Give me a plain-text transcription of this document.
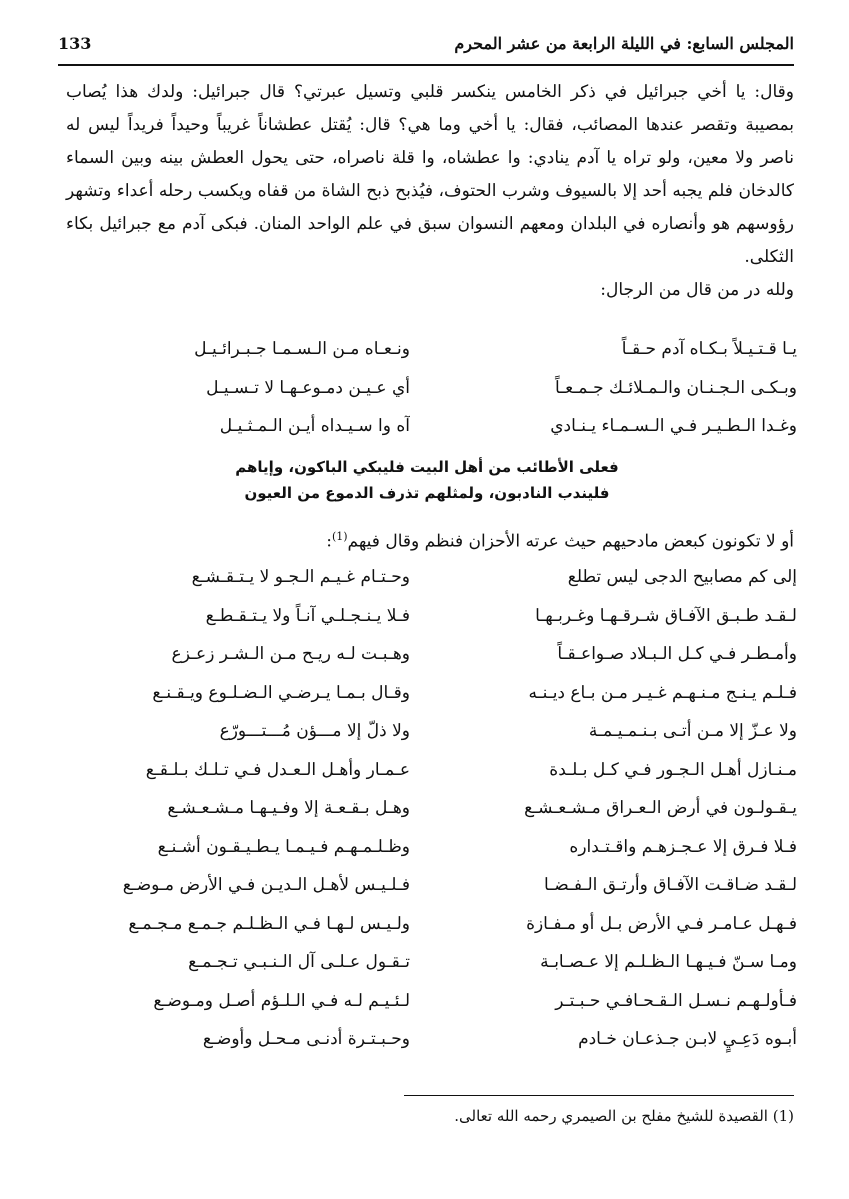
المجلس السابع: في الليلة الرابعة من عشر المحرم
133

وقال: يا أخي جبرائيل في ذكر الخامس ينكسر قلبي وتسيل عبرتي؟ قال جبرائيل: ولدك هذا يُصاب بمصيبة وتقصر عندها المصائب، فقال: يا أخي وما هي؟ قال: يُقتل عطشاناً غريباً وحيداً فريداً ليس له ناصر ولا معين، ولو تراه يا آدم ينادي: وا عطشاه، وا قلة ناصراه، حتى يحول العطش بينه وبين السماء كالدخان فلم يجبه أحد إلا بالسيوف وشرب الحتوف، فيُذبح ذبح الشاة من قفاه ويكسب رحله أعداء وتشهر رؤوسهم هو وأنصاره في البلدان ومعهم النسوان سبق في علم الواحد المنان. فبكى آدم مع جبرائيل بكاء الثكلى.

ولله در من قال من الرجال:

يـا قـتـيـلاً بـكـاه آدم حـقـاً
ونـعـاه مـن الـسـمـا جـبـرائـيـل
وبـكـى الـجـنـان والـمـلائـك جـمـعـاً
أي عـيـن دمـوعـهـا لا تـسـيـل
وغـدا الـطـيـر فـي الـسـمـاء يـنـادي
آه وا سـيـداه أيـن الـمـثـيـل
فعلى الأطائب من أهل البيت فليبكي الباكون، وإياهم
فليندب النادبون، ولمثلهم تذرف الدموع من العيون
أو لا تكونون كبعض مادحيهم حيث عرته الأحزان فنظم وقال فيهم$^{(1)}$:
إلى كم مصابيح الدجى ليس تطلع
وحـتـام غـيـم الـجـو لا يـتـقـشـع
لـقـد طـبـق الآفـاق شـرقـهـا وغـربـهـا
فـلا يـنـجـلـي آنـاً ولا يـتـقـطـع
وأمـطـر فـي كـل الـبـلاد صـواعـقـاً
وهـبـت لـه ريـح مـن الـشـر زعـزع
فـلـم يـنـج مـنـهـم غـيـر مـن بـاع ديـنـه
وقـال بـمـا يـرضـي الـضـلـوع ويـقـنـع
ولا عـزّ إلا مـن أتـى بـنـمـيـمـة
ولا ذلّ إلا مـــؤن مُـــتـــورّع
مـنـازل أهـل الـجـور فـي كـل بـلـدة
عـمـار وأهـل الـعـدل فـي تـلـك بـلـقـع
يـقـولـون في أرض الـعـراق مـشـعـشـع
وهـل بـقـعـة إلا وفـيـهـا مـشـعـشـع
فـلا فـرق إلا عـجـزهـم واقـتـداره
وظـلـمـهـم فـيـمـا يـطـيـقـون أشـنـع
لـقـد ضـاقـت الآفـاق وأرتـق الـفـضـا
فـلـيـس لأهـل الـديـن فـي الأرض مـوضـع
فـهـل عـامـر فـي الأرض بـل أو مـفـازة
ولـيـس لـهـا فـي الـظـلـم جـمـع مـجـمـع
ومـا سـنّ فـيـهـا الـظـلـم إلا عـصـابـة
تـقـول عـلـى آل الـنـبـي تـجـمـع
فـأولـهـم نـسـل الـقـحـافـي حـبـتـر
لـئـيـم لـه فـي الـلـؤم أصـل ومـوضـع
أبـوه دَعِـيٍ لابـن جـذعـان خـادم
وحـبـتـرة أدنـى مـحـل وأوضـع
(1) القصيدة للشيخ مفلح بن الصيمري رحمه الله تعالى.
